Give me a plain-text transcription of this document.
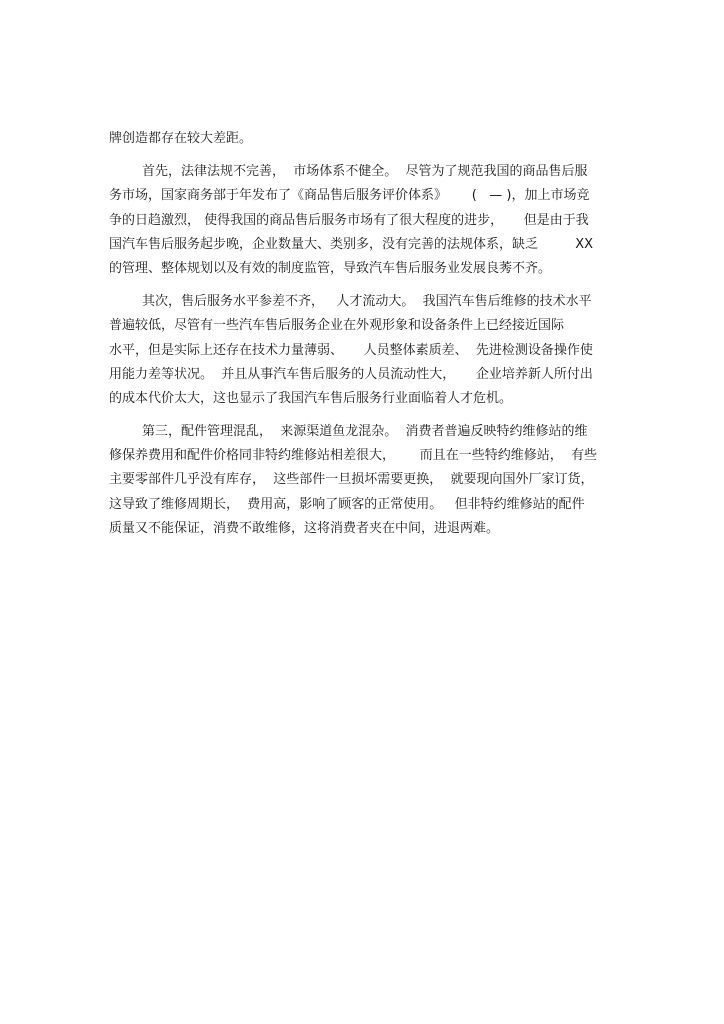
牌创造都存在较大差距。
首先，法律法规不完善，  市场体系不健全。  尽管为了规范我国的商品售后服
务市场，国家商务部于年发布了《商品售后服务评价体系》      (   — )，加上市场竞
争的日趋激烈， 使得我国的商品售后服务市场有了很大程度的进步，     但是由于我
国汽车售后服务起步晚，企业数量大、类别多，没有完善的法规体系，缺乏         XX
的管理、整体规划以及有效的制度监管，导致汽车售后服务业发展良莠不齐。
其次，售后服务水平参差不齐，   人才流动大。  我国汽车售后维修的技术水平
普遍较低，尽管有一些汽车售后服务企业在外观形象和设备条件上已经接近国际
水平，但是实际上还存在技术力量薄弱、     人员整体素质差、  先进检测设备操作使
用能力差等状况。  并且从事汽车售后服务的人员流动性大，     企业培养新人所付出
的成本代价太大，这也显示了我国汽车售后服务行业面临着人才危机。
第三，配件管理混乱，  来源渠道鱼龙混杂。  消费者普遍反映特约维修站的维
修保养费用和配件价格同非特约维修站相差很大，      而且在一些特约维修站，  有些
主要零部件几乎没有库存，  这些部件一旦损坏需要更换，  就要现向国外厂家订货，
这导致了维修周期长，  费用高，影响了顾客的正常使用。   但非特约维修站的配件
质量又不能保证，消费不敢维修，这将消费者夹在中间，进退两难。
